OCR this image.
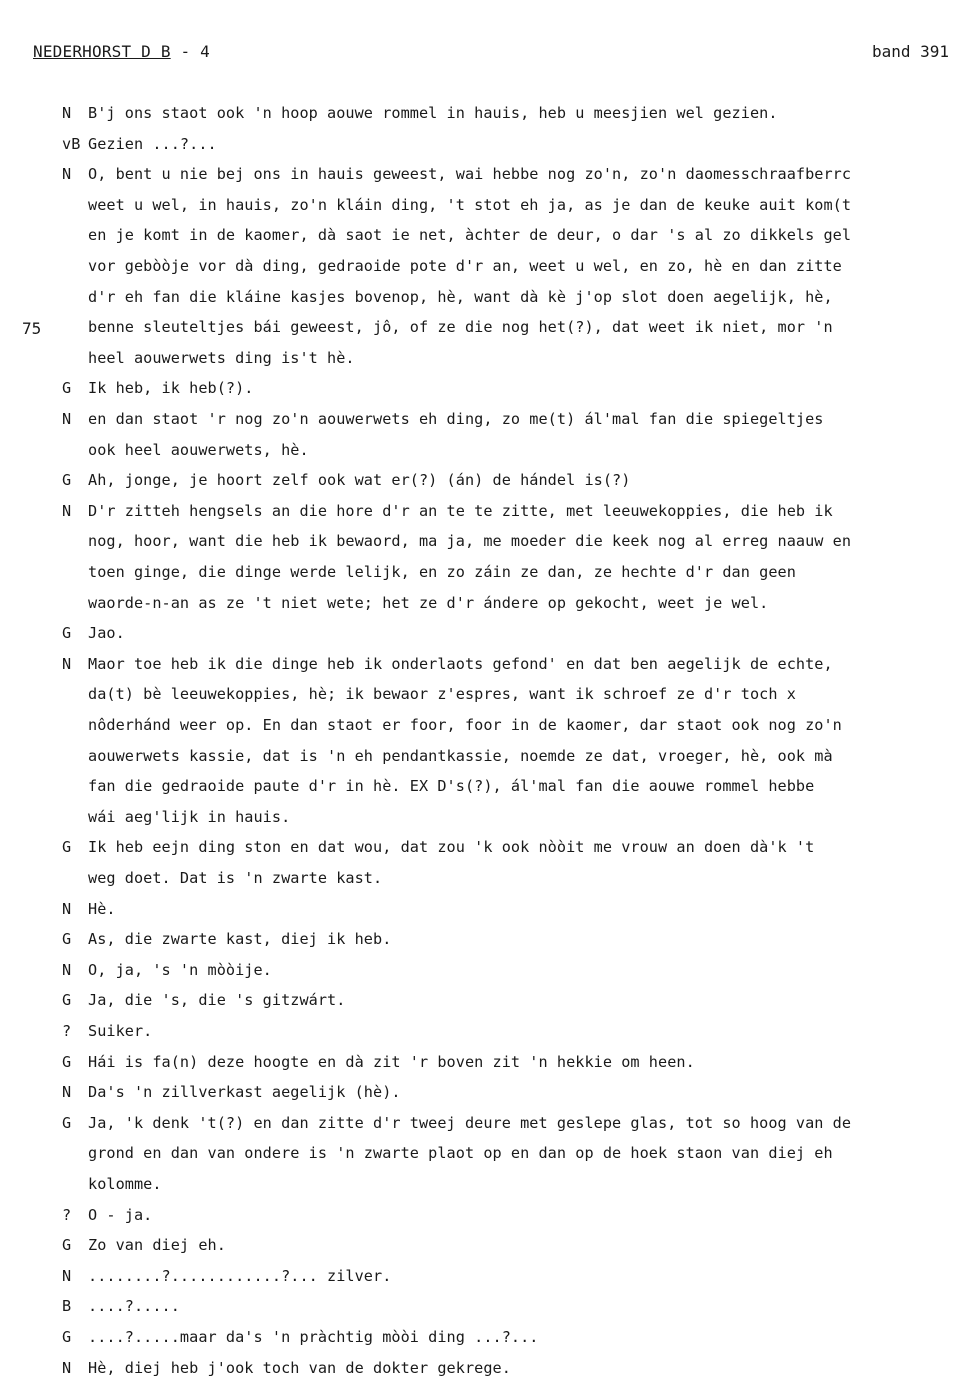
NEDERHORST D B - 4	band 391
75
N B'j ons staot ook 'n hoop aouwe rommel in hauis, heb u meesjien wel gezien.
vB Gezien ...?...
N O, bent u nie bej ons in hauis geweest, wai hebbe nog zo'n, zo'n daomesschraafberrc
weet u wel, in hauis, zo'n kláin ding, 't stot eh ja, as je dan de keuke auit kom(t
en je komt in de kaomer, dà saot ie net, àchter de deur, o dar 's al zo dikkels gel
vor gebòòje vor dà ding, gedraoide pote d'r an, weet u wel, en zo, hè en dan zitte
d'r eh fan die kláine kasjes bovenop, hè, want dà kè j'op slot doen aegelijk, hè,
benne sleuteltjes bái geweest, jô, of ze die nog het(?), dat weet ik niet, mor 'n
heel aouwerwets ding is't hè.
G Ik heb, ik heb(?).
N en dan staot 'r nog zo'n aouwerwets eh ding, zo me(t) ál'mal fan die spiegeltjes
ook heel aouwerwets, hè.
G Ah, jonge, je hoort zelf ook wat er(?) (án) de hándel is(?)
N D'r zitteh hengsels an die hore d'r an te te zitte, met leeuwekoppies, die heb ik
nog, hoor, want die heb ik bewaord, ma ja, me moeder die keek nog al erreg naauw en
toen ginge, die dinge werde lelijk, en zo záin ze dan, ze hechte d'r dan geen
waorde-n-an as ze 't niet wete; het ze d'r ándere op gekocht, weet je wel.
G Jao.
N Maor toe heb ik die dinge heb ik onderlaots gefond' en dat ben aegelijk de echte,
da(t) bè leeuwekoppies, hè; ik bewaor z'espres, want ik schroef ze d'r toch x
nôderhánd weer op. En dan staot er foor, foor in de kaomer, dar staot ook nog zo'n
aouwerwets kassie, dat is 'n eh pendantkassie, noemde ze dat, vroeger, hè, ook mà
fan die gedraoide paute d'r in hè. EX D's(?), ál'mal fan die aouwe rommel hebbe
wái aeg'lijk in hauis.
G Ik heb eejn ding ston en dat wou, dat zou 'k ook nòòit me vrouw an doen dà'k 't
weg doet. Dat is 'n zwarte kast.
N Hè.
G As, die zwarte kast, diej ik heb.
N O, ja, 's 'n mòòije.
G Ja, die 's, die 's gitzwárt.
? Suiker.
G Hái is fa(n) deze hoogte en dà zit 'r boven zit 'n hekkie om heen.
N Da's 'n zillverkast aegelijk (hè).
G Ja, 'k denk 't(?) en dan zitte d'r tweej deure met geslepe glas, tot so hoog van de
grond en dan van ondere is 'n zwarte plaot op en dan op de hoek staon van diej eh
kolomme.
? O - ja.
G Zo van diej eh.
N ........?............?... zilver.
B ....?.....
G ....?.....maar da's 'n pràchtig mòòi ding ...?...
N Hè, diej heb j'ook toch van de dokter gekrege.
